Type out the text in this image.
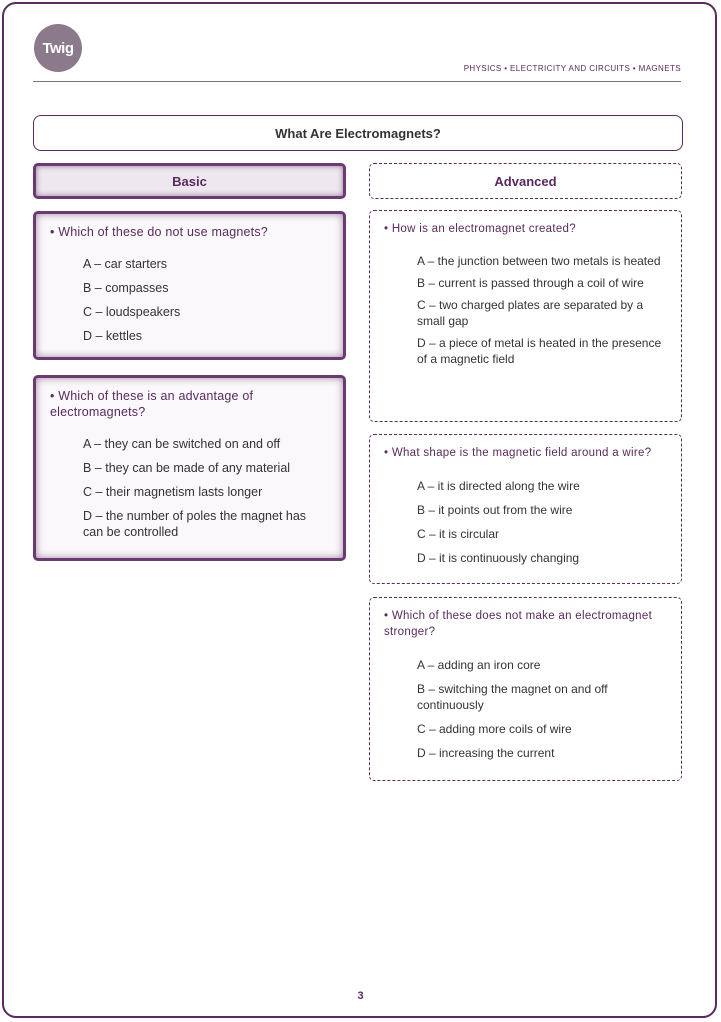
Twig
PHYSICS • ELECTRICITY AND CIRCUITS • MAGNETS
What Are Electromagnets?
Basic	Advanced
• Which of these do not use magnets?
A – car starters
B – compasses
C – loudspeakers
D – kettles
• Which of these is an advantage of electromagnets?
A – they can be switched on and off
B – they can be made of any material
C – their magnetism lasts longer
D – the number of poles the magnet has can be controlled
• How is an electromagnet created?
A – the junction between two metals is heated
B – current is passed through a coil of wire
C – two charged plates are separated by a small gap
D – a piece of metal is heated in the presence of a magnetic field
• What shape is the magnetic field around a wire?
A – it is directed along the wire
B – it points out from the wire
C – it is circular
D – it is continuously changing
• Which of these does not make an electromagnet stronger?
A – adding an iron core
B – switching the magnet on and off continuously
C – adding more coils of wire
D – increasing the current
3
